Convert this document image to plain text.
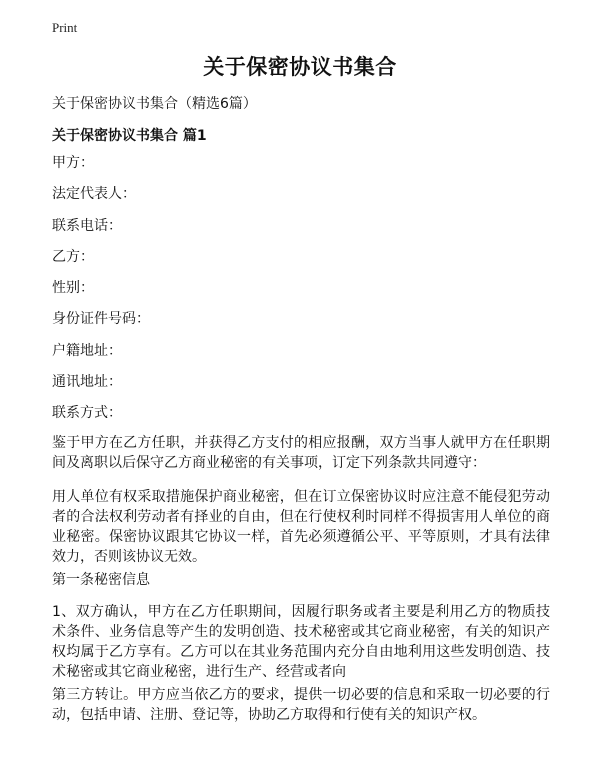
Print
关于保密协议书集合
关于保密协议书集合（精选6篇）
关于保密协议书集合 篇1
甲方：
法定代表人：
联系电话：
乙方：
性别：
身份证件号码：
户籍地址：
通讯地址：
联系方式：

鉴于甲方在乙方任职，并获得乙方支付的相应报酬，双方当事人就甲方在任职期间及离职以后保守乙方商业秘密的有关事项，订定下列条款共同遵守：

用人单位有权采取措施保护商业秘密，但在订立保密协议时应注意不能侵犯劳动者的合法权利劳动者有择业的自由，但在行使权利时同样不得损害用人单位的商业秘密。保密协议跟其它协议一样，首先必须遵循公平、平等原则，才具有法律效力，否则该协议无效。

第一条秘密信息

1、双方确认，甲方在乙方任职期间，因履行职务或者主要是利用乙方的物质技术条件、业务信息等产生的发明创造、技术秘密或其它商业秘密，有关的知识产权均属于乙方享有。乙方可以在其业务范围内充分自由地利用这些发明创造、技术秘密或其它商业秘密，进行生产、经营或者向

第三方转让。甲方应当依乙方的要求，提供一切必要的信息和采取一切必要的行动，包括申请、注册、登记等，协助乙方取得和行使有关的知识产权。
